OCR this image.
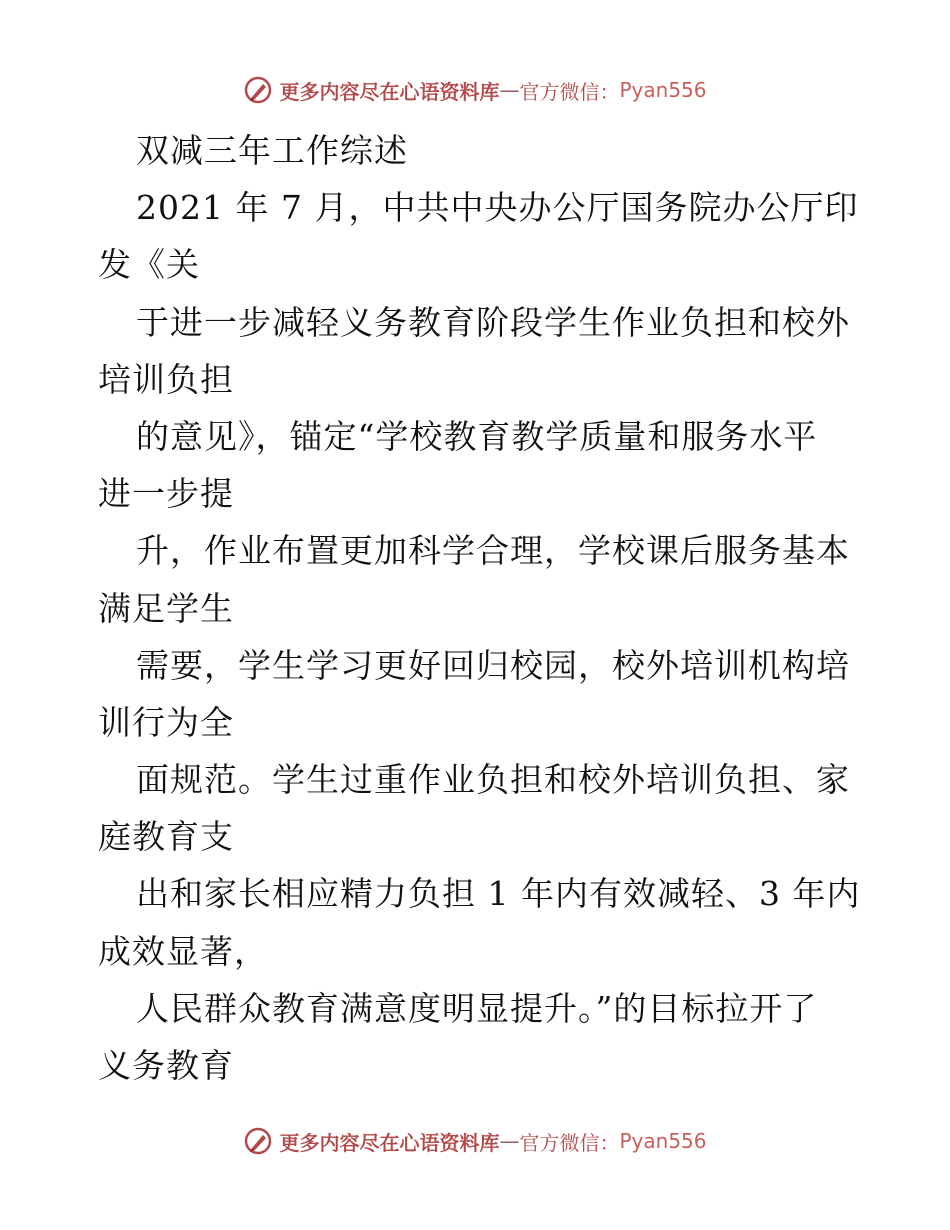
更多内容尽在心语资料库 — 官方微信： Pyan556
双减三年工作综述
2021 年 7 月，中共中央办公厅国务院办公厅印
发《关
于进一步减轻义务教育阶段学生作业负担和校外
培训负担
的意见》，锚定“学校教育教学质量和服务水平
进一步提
升，作业布置更加科学合理，学校课后服务基本
满足学生
需要，学生学习更好回归校园，校外培训机构培
训行为全
面规范。学生过重作业负担和校外培训负担、家
庭教育支
出和家长相应精力负担 1 年内有效减轻、3 年内
成效显著，
人民群众教育满意度明显提升。”的目标拉开了
义务教育
更多内容尽在心语资料库 — 官方微信： Pyan556
